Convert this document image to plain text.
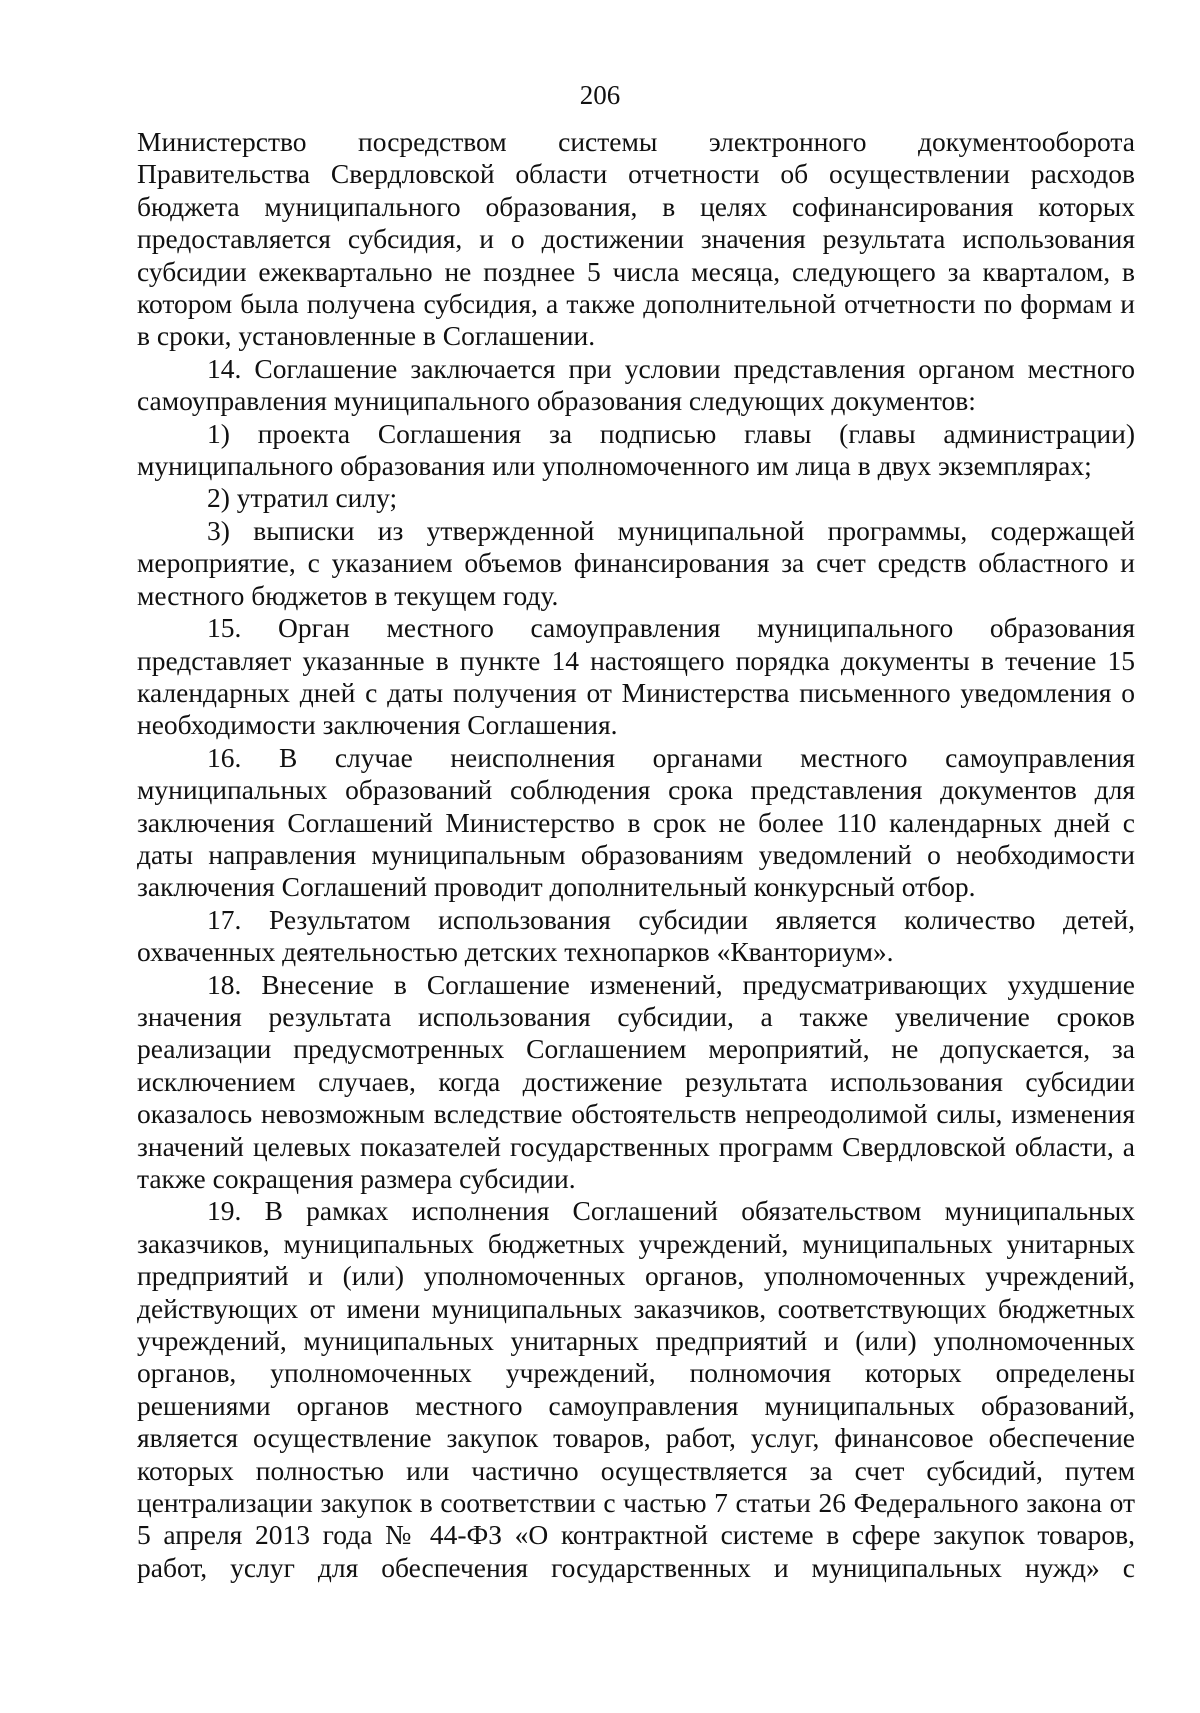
206

Министерство посредством системы электронного документооборота Правительства Свердловской области отчетности об осуществлении расходов бюджета муниципального образования, в целях софинансирования которых предоставляется субсидия, и о достижении значения результата использования субсидии ежеквартально не позднее 5 числа месяца, следующего за кварталом, в котором была получена субсидия, а также дополнительной отчетности по формам и в сроки, установленные в Соглашении.

14. Соглашение заключается при условии представления органом местного самоуправления муниципального образования следующих документов:

1) проекта Соглашения за подписью главы (главы администрации) муниципального образования или уполномоченного им лица в двух экземплярах;

2) утратил силу;

3) выписки из утвержденной муниципальной программы, содержащей мероприятие, с указанием объемов финансирования за счет средств областного и местного бюджетов в текущем году.

15. Орган местного самоуправления муниципального образования представляет указанные в пункте 14 настоящего порядка документы в течение 15 календарных дней с даты получения от Министерства письменного уведомления о необходимости заключения Соглашения.

16. В случае неисполнения органами местного самоуправления муниципальных образований соблюдения срока представления документов для заключения Соглашений Министерство в срок не более 110 календарных дней с даты направления муниципальным образованиям уведомлений о необходимости заключения Соглашений проводит дополнительный конкурсный отбор.

17. Результатом использования субсидии является количество детей, охваченных деятельностью детских технопарков «Кванториум».

18. Внесение в Соглашение изменений, предусматривающих ухудшение значения результата использования субсидии, а также увеличение сроков реализации предусмотренных Соглашением мероприятий, не допускается, за исключением случаев, когда достижение результата использования субсидии оказалось невозможным вследствие обстоятельств непреодолимой силы, изменения значений целевых показателей государственных программ Свердловской области, а также сокращения размера субсидии.

19. В рамках исполнения Соглашений обязательством муниципальных заказчиков, муниципальных бюджетных учреждений, муниципальных унитарных предприятий и (или) уполномоченных органов, уполномоченных учреждений, действующих от имени муниципальных заказчиков, соответствующих бюджетных учреждений, муниципальных унитарных предприятий и (или) уполномоченных органов, уполномоченных учреждений, полномочия которых определены решениями органов местного самоуправления муниципальных образований, является осуществление закупок товаров, работ, услуг, финансовое обеспечение которых полностью или частично осуществляется за счет субсидий, путем централизации закупок в соответствии с частью 7 статьи 26 Федерального закона от 5 апреля 2013 года № 44-ФЗ «О контрактной системе в сфере закупок товаров, работ, услуг для обеспечения государственных и муниципальных нужд» с
